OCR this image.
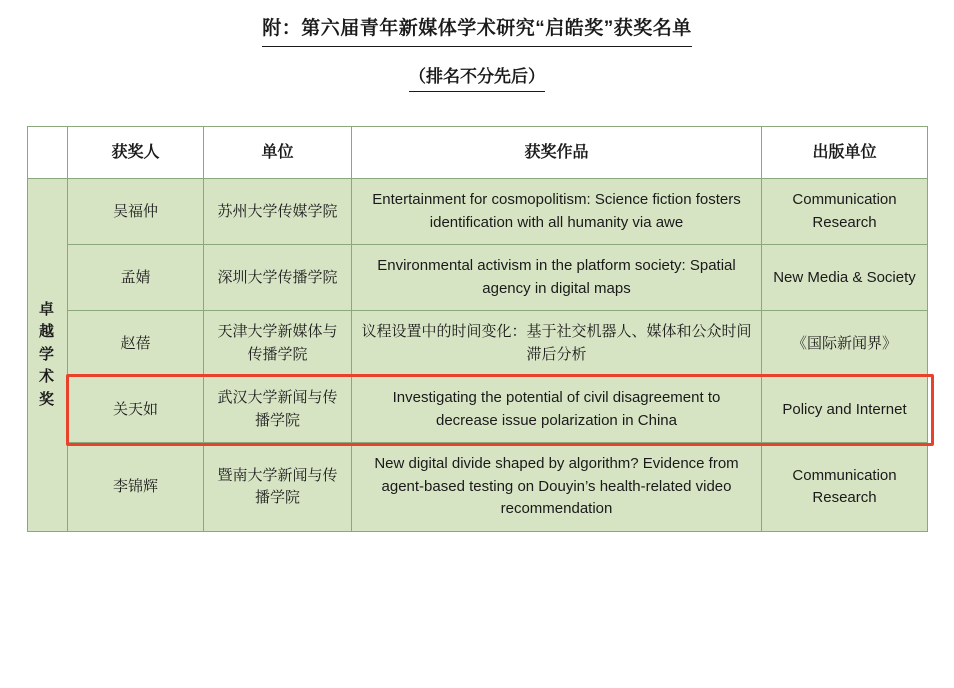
附：第六届青年新媒体学术研究“启皓奖”获奖名单
（排名不分先后）
	获奖人	单位	获奖作品	出版单位
卓越学术奖	吴福仲	苏州大学传媒学院	Entertainment for cosmopolitism: Science fiction fosters identification with all humanity via awe	Communication Research
	孟婧	深圳大学传播学院	Environmental activism in the platform society: Spatial agency in digital maps	New Media & Society
	赵蓓	天津大学新媒体与传播学院	议程设置中的时间变化：基于社交机器人、媒体和公众时间滞后分析	《国际新闻界》
	关天如	武汉大学新闻与传播学院	Investigating the potential of civil disagreement to decrease issue polarization in China	Policy and Internet
	李锦辉	暨南大学新闻与传播学院	New digital divide shaped by algorithm? Evidence from agent-based testing on Douyin’s health-related video recommendation	Communication Research
